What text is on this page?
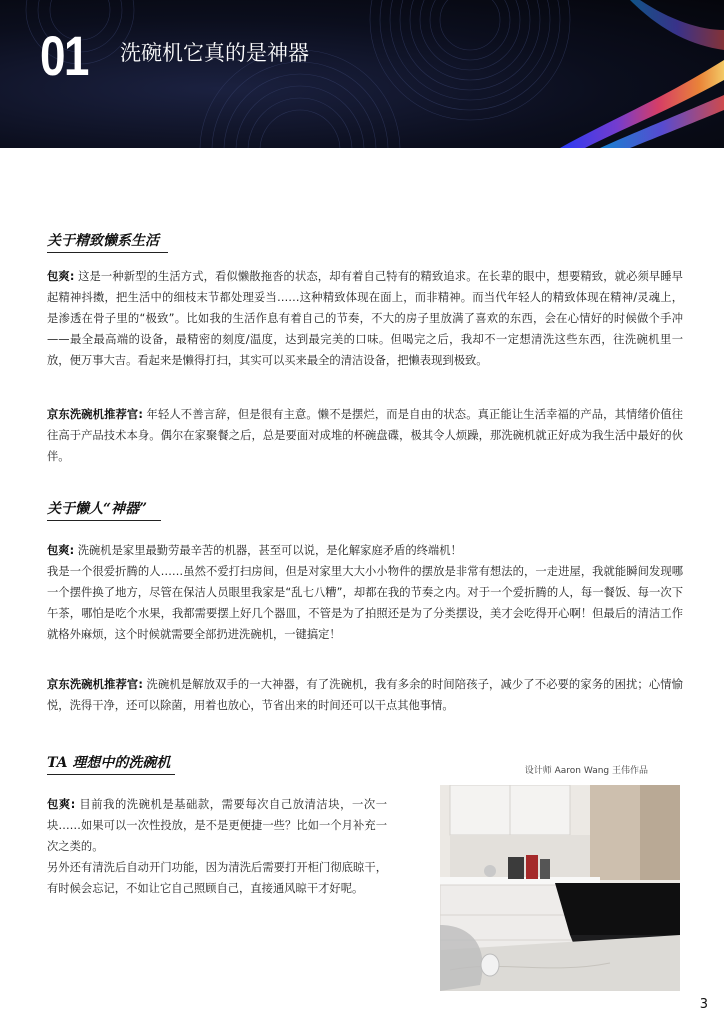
01 洗碗机它真的是神器
关于精致懒系生活
包爽: 这是一种新型的生活方式，看似懒散拖沓的状态，却有着自己特有的精致追求。在长辈的眼中，想要精致，就必须早睡早起精神抖擞，把生活中的细枝末节都处理妥当……这种精致体现在面上，而非精神。而当代年轻人的精致体现在精神/灵魂上，是渗透在骨子里的“极致”。比如我的生活作息有着自己的节奏，不大的房子里放满了喜欢的东西，会在心情好的时候做个手冲——最全最高端的设备，最精密的刻度/温度，达到最完美的口味。但喝完之后，我却不一定想清洗这些东西，往洗碗机里一放，便万事大吉。看起来是懒得打扫，其实可以买来最全的清洁设备，把懒表现到极致。
京东洗碗机推荐官: 年轻人不善言辞，但是很有主意。懒不是摆烂，而是自由的状态。真正能让生活幸福的产品，其情绪价值往往高于产品技术本身。偶尔在家聚餐之后，总是要面对成堆的杯碗盘碟，极其令人烦躁，那洗碗机就正好成为我生活中最好的伙伴。
关于懒人“神器”

包爽: 洗碗机是家里最勤劳最辛苦的机器，甚至可以说，是化解家庭矛盾的终端机！

我是一个很爱折腾的人……虽然不爱打扫房间，但是对家里大大小小物件的摆放是非常有想法的，一走进屋，我就能瞬间发现哪一个摆件换了地方，尽管在保洁人员眼里我家是“乱七八糟”，却都在我的节奏之内。对于一个爱折腾的人，每一餐饭、每一次下午茶，哪怕是吃个水果，我都需要摆上好几个器皿，不管是为了拍照还是为了分类摆设，美才会吃得开心啊！但最后的清洁工作就格外麻烦，这个时候就需要全部扔进洗碗机，一键搞定！

京东洗碗机推荐官: 洗碗机是解放双手的一大神器，有了洗碗机，我有多余的时间陪孩子，减少了不必要的家务的困扰；心情愉悦，洗得干净，还可以除菌，用着也放心，节省出来的时间还可以干点其他事情。
TA 理想中的洗碗机	设计师 Aaron Wang 王伟作品

包爽: 目前我的洗碗机是基础款，需要每次自己放清洁块，一次一块……如果可以一次性投放，是不是更便捷一些？比如一个月补充一次之类的。

另外还有清洗后自动开门功能，因为清洗后需要打开柜门彻底晾干，有时候会忘记，不如让它自己照顾自己，直接通风晾干才好呢。

3
